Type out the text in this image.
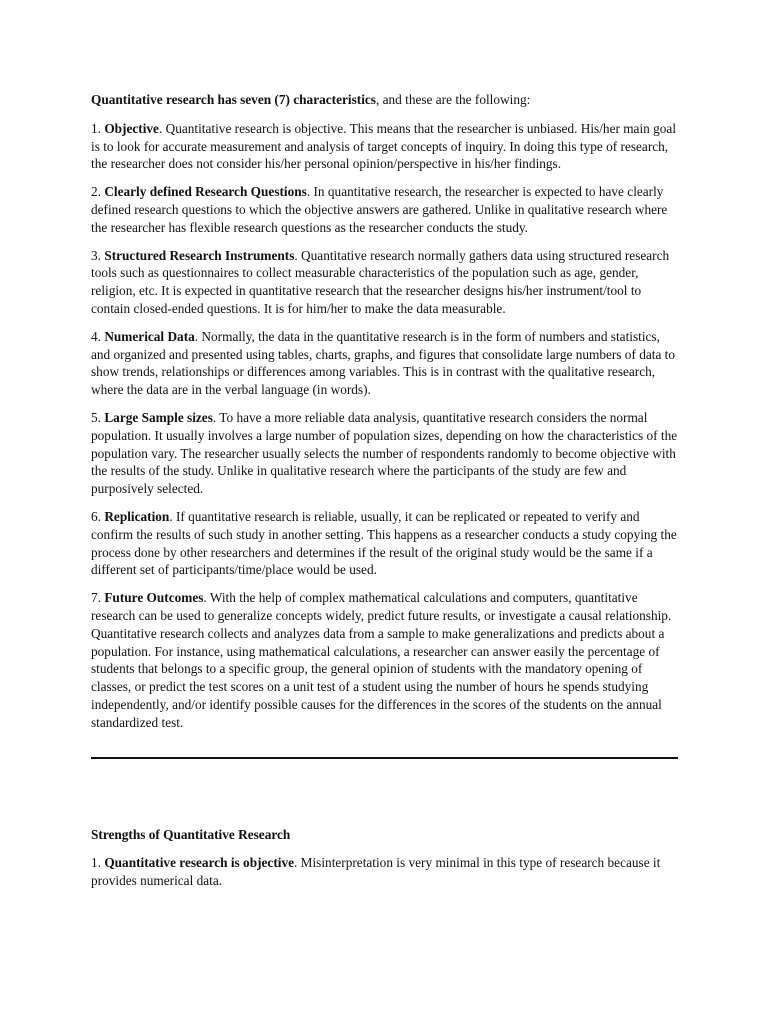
Quantitative research has seven (7) characteristics, and these are the following:

1. Objective. Quantitative research is objective. This means that the researcher is unbiased. His/her main goal is to look for accurate measurement and analysis of target concepts of inquiry. In doing this type of research, the researcher does not consider his/her personal opinion/perspective in his/her findings.

2. Clearly defined Research Questions. In quantitative research, the researcher is expected to have clearly defined research questions to which the objective answers are gathered. Unlike in qualitative research where the researcher has flexible research questions as the researcher conducts the study.

3. Structured Research Instruments. Quantitative research normally gathers data using structured research tools such as questionnaires to collect measurable characteristics of the population such as age, gender, religion, etc. It is expected in quantitative research that the researcher designs his/her instrument/tool to contain closed-ended questions. It is for him/her to make the data measurable.

4. Numerical Data. Normally, the data in the quantitative research is in the form of numbers and statistics, and organized and presented using tables, charts, graphs, and figures that consolidate large numbers of data to show trends, relationships or differences among variables. This is in contrast with the qualitative research, where the data are in the verbal language (in words).

5. Large Sample sizes. To have a more reliable data analysis, quantitative research considers the normal population. It usually involves a large number of population sizes, depending on how the characteristics of the population vary. The researcher usually selects the number of respondents randomly to become objective with the results of the study. Unlike in qualitative research where the participants of the study are few and purposively selected.

6. Replication. If quantitative research is reliable, usually, it can be replicated or repeated to verify and confirm the results of such study in another setting. This happens as a researcher conducts a study copying the process done by other researchers and determines if the result of the original study would be the same if a different set of participants/time/place would be used.

7. Future Outcomes. With the help of complex mathematical calculations and computers, quantitative research can be used to generalize concepts widely, predict future results, or investigate a causal relationship. Quantitative research collects and analyzes data from a sample to make generalizations and predicts about a population. For instance, using mathematical calculations, a researcher can answer easily the percentage of students that belongs to a specific group, the general opinion of students with the mandatory opening of classes, or predict the test scores on a unit test of a student using the number of hours he spends studying independently, and/or identify possible causes for the differences in the scores of the students on the annual standardized test.

Strengths of Quantitative Research

1. Quantitative research is objective. Misinterpretation is very minimal in this type of research because it provides numerical data.
